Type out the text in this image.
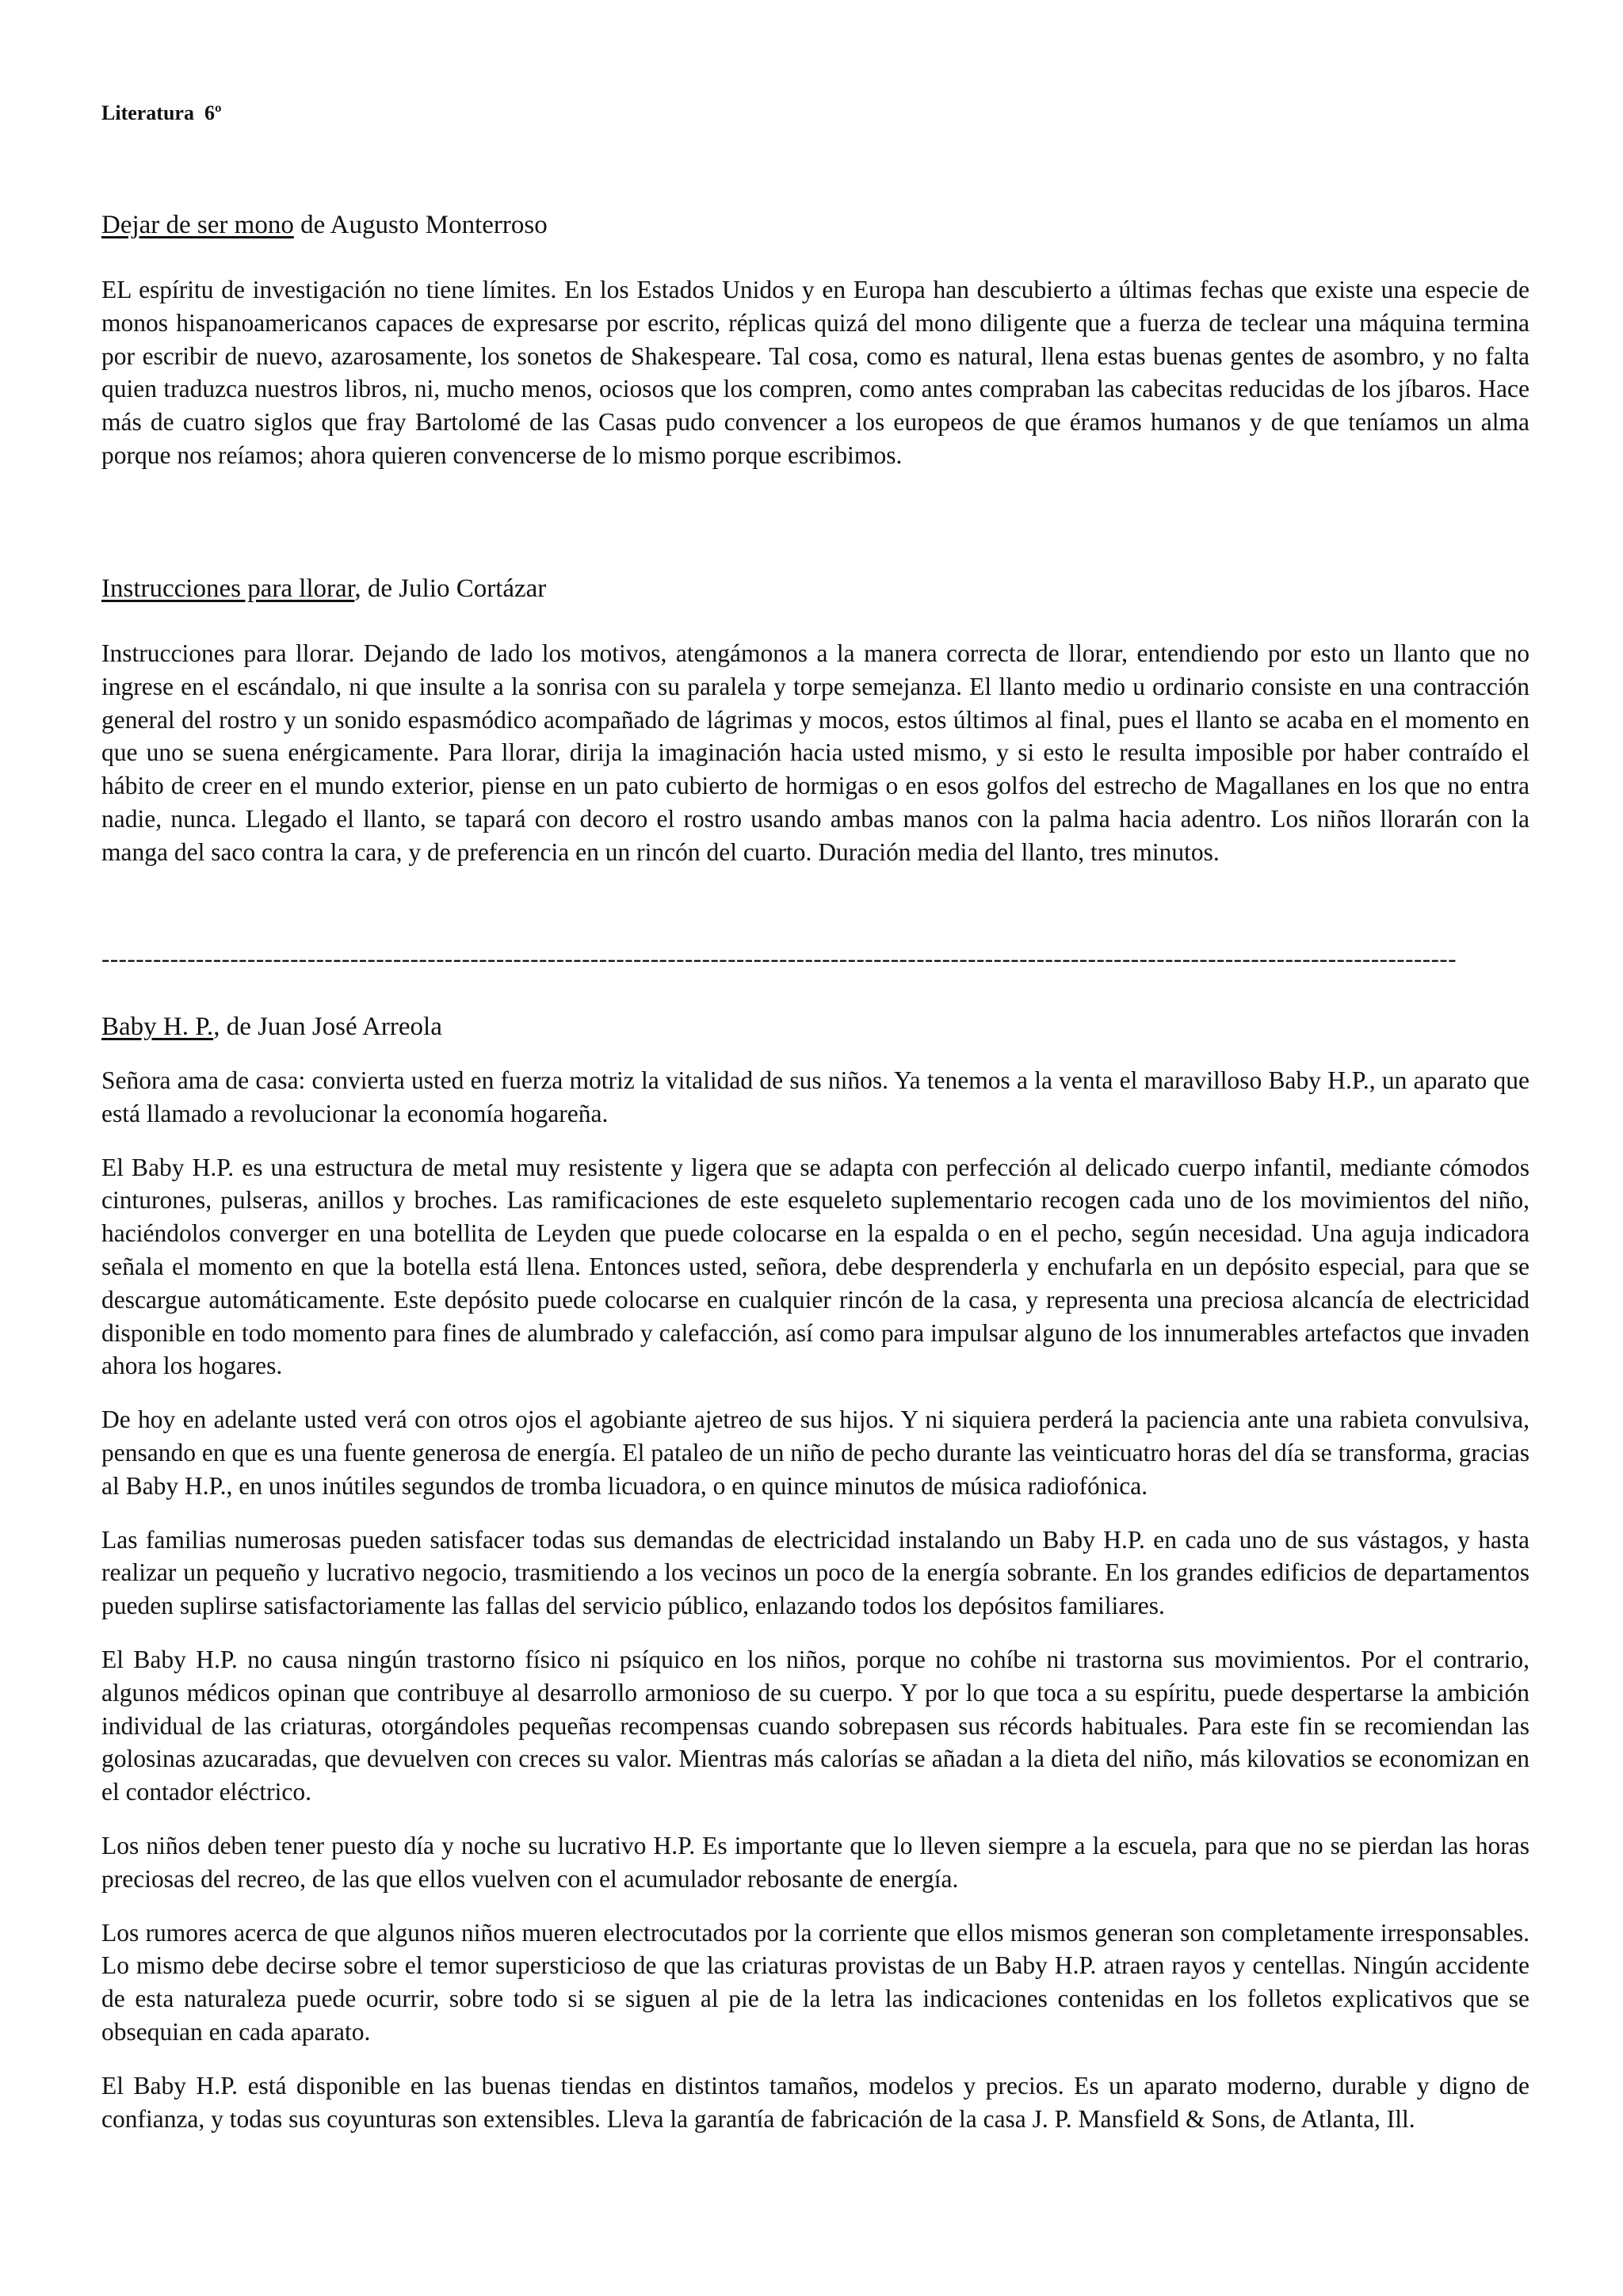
Literatura  6º

Dejar de ser mono de Augusto Monterroso

EL espíritu de investigación no tiene límites. En los Estados Unidos y en Europa han descubierto a últimas fechas que existe una especie de monos hispanoamericanos capaces de expresarse por escrito, réplicas quizá del mono diligente que a fuerza de teclear una máquina termina por escribir de nuevo, azarosamente, los sonetos de Shakespeare. Tal cosa, como es natural, llena estas buenas gentes de asombro, y no falta quien traduzca nuestros libros, ni, mucho menos, ociosos que los compren, como antes compraban las cabecitas reducidas de los jíbaros. Hace más de cuatro siglos que fray Bartolomé de las Casas pudo convencer a los europeos de que éramos humanos y de que teníamos un alma porque nos reíamos; ahora quieren convencerse de lo mismo porque escribimos.

Instrucciones para llorar, de Julio Cortázar

Instrucciones para llorar. Dejando de lado los motivos, atengámonos a la manera correcta de llorar, entendiendo por esto un llanto que no ingrese en el escándalo, ni que insulte a la sonrisa con su paralela y torpe semejanza. El llanto medio u ordinario consiste en una contracción general del rostro y un sonido espasmódico acompañado de lágrimas y mocos, estos últimos al final, pues el llanto se acaba en el momento en que uno se suena enérgicamente. Para llorar, dirija la imaginación hacia usted mismo, y si esto le resulta imposible por haber contraído el hábito de creer en el mundo exterior, piense en un pato cubierto de hormigas o en esos golfos del estrecho de Magallanes en los que no entra nadie, nunca. Llegado el llanto, se tapará con decoro el rostro usando ambas manos con la palma hacia adentro. Los niños llorarán con la manga del saco contra la cara, y de preferencia en un rincón del cuarto. Duración media del llanto, tres minutos.

--------------------------------------------------------------------------------------------------------------------------------------------------------------

Baby H. P., de Juan José Arreola

Señora ama de casa: convierta usted en fuerza motriz la vitalidad de sus niños. Ya tenemos a la venta el maravilloso Baby H.P., un aparato que está llamado a revolucionar la economía hogareña.

El Baby H.P. es una estructura de metal muy resistente y ligera que se adapta con perfección al delicado cuerpo infantil, mediante cómodos cinturones, pulseras, anillos y broches. Las ramificaciones de este esqueleto suplementario recogen cada uno de los movimientos del niño, haciéndolos converger en una botellita de Leyden que puede colocarse en la espalda o en el pecho, según necesidad. Una aguja indicadora señala el momento en que la botella está llena. Entonces usted, señora, debe desprenderla y enchufarla en un depósito especial, para que se descargue automáticamente. Este depósito puede colocarse en cualquier rincón de la casa, y representa una preciosa alcancía de electricidad disponible en todo momento para fines de alumbrado y calefacción, así como para impulsar alguno de los innumerables artefactos que invaden ahora los hogares.

De hoy en adelante usted verá con otros ojos el agobiante ajetreo de sus hijos. Y ni siquiera perderá la paciencia ante una rabieta convulsiva, pensando en que es una fuente generosa de energía. El pataleo de un niño de pecho durante las veinticuatro horas del día se transforma, gracias al Baby H.P., en unos inútiles segundos de tromba licuadora, o en quince minutos de música radiofónica.

Las familias numerosas pueden satisfacer todas sus demandas de electricidad instalando un Baby H.P. en cada uno de sus vástagos, y hasta realizar un pequeño y lucrativo negocio, trasmitiendo a los vecinos un poco de la energía sobrante. En los grandes edificios de departamentos pueden suplirse satisfactoriamente las fallas del servicio público, enlazando todos los depósitos familiares.

El Baby H.P. no causa ningún trastorno físico ni psíquico en los niños, porque no cohíbe ni trastorna sus movimientos. Por el contrario, algunos médicos opinan que contribuye al desarrollo armonioso de su cuerpo. Y por lo que toca a su espíritu, puede despertarse la ambición individual de las criaturas, otorgándoles pequeñas recompensas cuando sobrepasen sus récords habituales. Para este fin se recomiendan las golosinas azucaradas, que devuelven con creces su valor. Mientras más calorías se añadan a la dieta del niño, más kilovatios se economizan en el contador eléctrico.

Los niños deben tener puesto día y noche su lucrativo H.P. Es importante que lo lleven siempre a la escuela, para que no se pierdan las horas preciosas del recreo, de las que ellos vuelven con el acumulador rebosante de energía.

Los rumores acerca de que algunos niños mueren electrocutados por la corriente que ellos mismos generan son completamente irresponsables. Lo mismo debe decirse sobre el temor supersticioso de que las criaturas provistas de un Baby H.P. atraen rayos y centellas. Ningún accidente de esta naturaleza puede ocurrir, sobre todo si se siguen al pie de la letra las indicaciones contenidas en los folletos explicativos que se obsequian en cada aparato.

El Baby H.P. está disponible en las buenas tiendas en distintos tamaños, modelos y precios. Es un aparato moderno, durable y digno de confianza, y todas sus coyunturas son extensibles. Lleva la garantía de fabricación de la casa J. P. Mansfield & Sons, de Atlanta, Ill.
